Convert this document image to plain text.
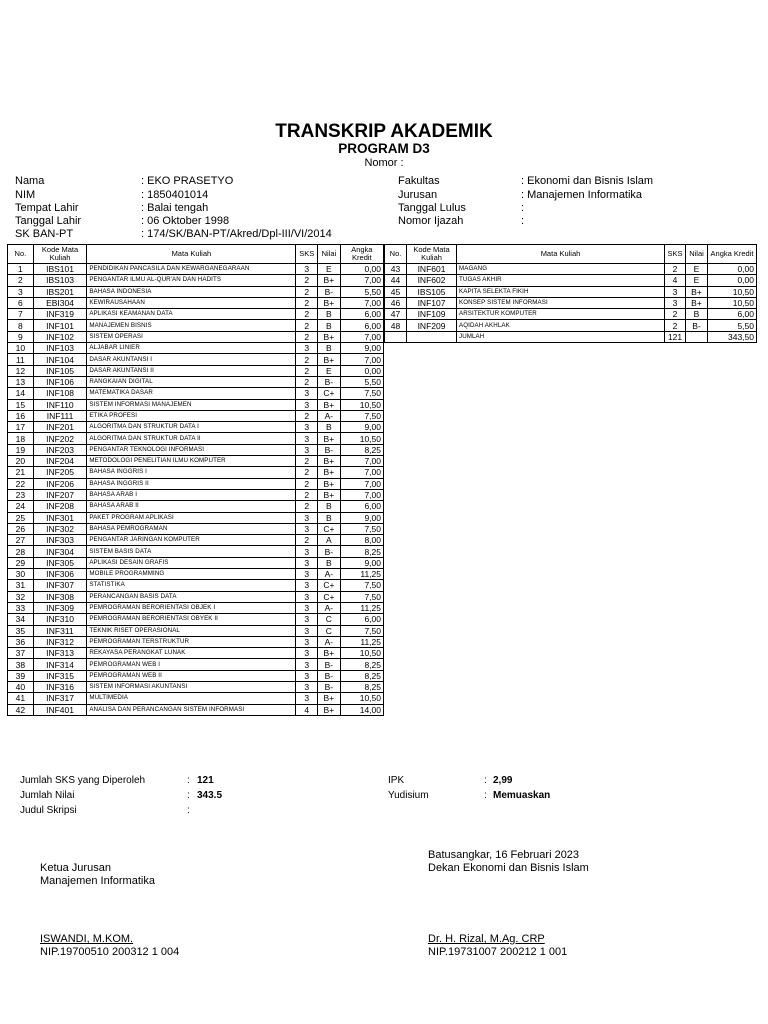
TRANSKRIP AKADEMIK
PROGRAM D3
Nomor :
Nama	: EKO PRASETYO	Fakultas	: Ekonomi dan Bisnis Islam
NIM	: 1850401014	Jurusan	: Manajemen Informatika
Tempat Lahir	: Balai tengah	Tanggal Lulus	:
Tanggal Lahir	: 06 Oktober 1998	Nomor Ijazah	:
SK BAN-PT	: 174/SK/BAN-PT/Akred/Dpl-III/VI/2014
No.	Kode Mata Kuliah	Mata Kuliah	SKS	Nilai	Angka Kredit
1	IBS101	PENDIDIKAN PANCASILA DAN KEWARGANEGARAAN	3	E	0,00
2	IBS103	PENGANTAR ILMU AL-QUR'AN DAN HADITS	2	B+	7,00
3	IBS201	BAHASA INDONESIA	2	B-	5,50
6	EBI304	KEWIRAUSAHAAN	2	B+	7,00
7	INF319	APLIKASI KEAMANAN DATA	2	B	6,00
8	INF101	MANAJEMEN BISNIS	2	B	6,00
9	INF102	SISTEM OPERASI	2	B+	7,00
10	INF103	ALJABAR LINIER	3	B	9,00
11	INF104	DASAR AKUNTANSI I	2	B+	7,00
12	INF105	DASAR AKUNTANSI II	2	E	0,00
13	INF106	RANGKAIAN DIGITAL	2	B-	5,50
14	INF108	MATEMATIKA DASAR	3	C+	7,50
15	INF110	SISTEM INFORMASI MANAJEMEN	3	B+	10,50
16	INF111	ETIKA PROFESI	2	A-	7,50
17	INF201	ALGORITMA DAN STRUKTUR DATA I	3	B	9,00
18	INF202	ALGORITMA DAN STRUKTUR DATA II	3	B+	10,50
19	INF203	PENGANTAR TEKNOLOGI INFORMASI	3	B-	8,25
20	INF204	METODOLOGI PENELITIAN ILMU KOMPUTER	2	B+	7,00
21	INF205	BAHASA INGGRIS I	2	B+	7,00
22	INF206	BAHASA INGGRIS II	2	B+	7,00
23	INF207	BAHASA ARAB I	2	B+	7,00
24	INF208	BAHASA ARAB II	2	B	6,00
25	INF301	PAKET PROGRAM APLIKASI	3	B	9,00
26	INF302	BAHASA PEMROGRAMAN	3	C+	7,50
27	INF303	PENGANTAR JARINGAN KOMPUTER	2	A	8,00
28	INF304	SISTEM BASIS DATA	3	B-	8,25
29	INF305	APLIKASI DESAIN GRAFIS	3	B	9,00
30	INF306	MOBILE PROGRAMMING	3	A-	11,25
31	INF307	STATISTIKA	3	C+	7,50
32	INF308	PERANCANGAN BASIS DATA	3	C+	7,50
33	INF309	PEMROGRAMAN BERORIENTASI OBJEK I	3	A-	11,25
34	INF310	PEMROGRAMAN BERORIENTASI OBYEK II	3	C	6,00
35	INF311	TEKNIK RISET OPERASIONAL	3	C	7,50
36	INF312	PEMROGRAMAN TERSTRUKTUR	3	A-	11,25
37	INF313	REKAYASA PERANGKAT LUNAK	3	B+	10,50
38	INF314	PEMROGRAMAN WEB I	3	B-	8,25
39	INF315	PEMROGRAMAN WEB II	3	B-	8,25
40	INF316	SISTEM INFORMASI AKUNTANSI	3	B-	8,25
41	INF317	MULTIMEDIA	3	B+	10,50
42	INF401	ANALISA DAN PERANCANGAN SISTEM INFORMASI	4	B+	14,00
No.	Kode Mata Kuliah	Mata Kuliah	SKS	Nilai	Angka Kredit
43	INF601	MAGANG	2	E	0,00
44	INF602	TUGAS AKHIR	4	E	0,00
45	IBS105	KAPITA SELEKTA FIKIH	3	B+	10,50
46	INF107	KONSEP SISTEM INFORMASI	3	B+	10,50
47	INF109	ARSITEKTUR KOMPUTER	2	B	6,00
48	INF209	AQIDAH AKHLAK	2	B-	5,50
		JUMLAH	121		343,50
Jumlah SKS yang Diperoleh	: 121	IPK	: 2,99
Jumlah Nilai	: 343.5	Yudisium	: Memuaskan
Judul Skripsi	:
Batusangkar, 16 Februari 2023
Ketua Jurusan	Dekan Ekonomi dan Bisnis Islam
Manajemen Informatika
ISWANDI, M.KOM.	Dr. H. Rizal, M.Ag. CRP
NIP.19700510 200312 1 004	NIP.19731007 200212 1 001
